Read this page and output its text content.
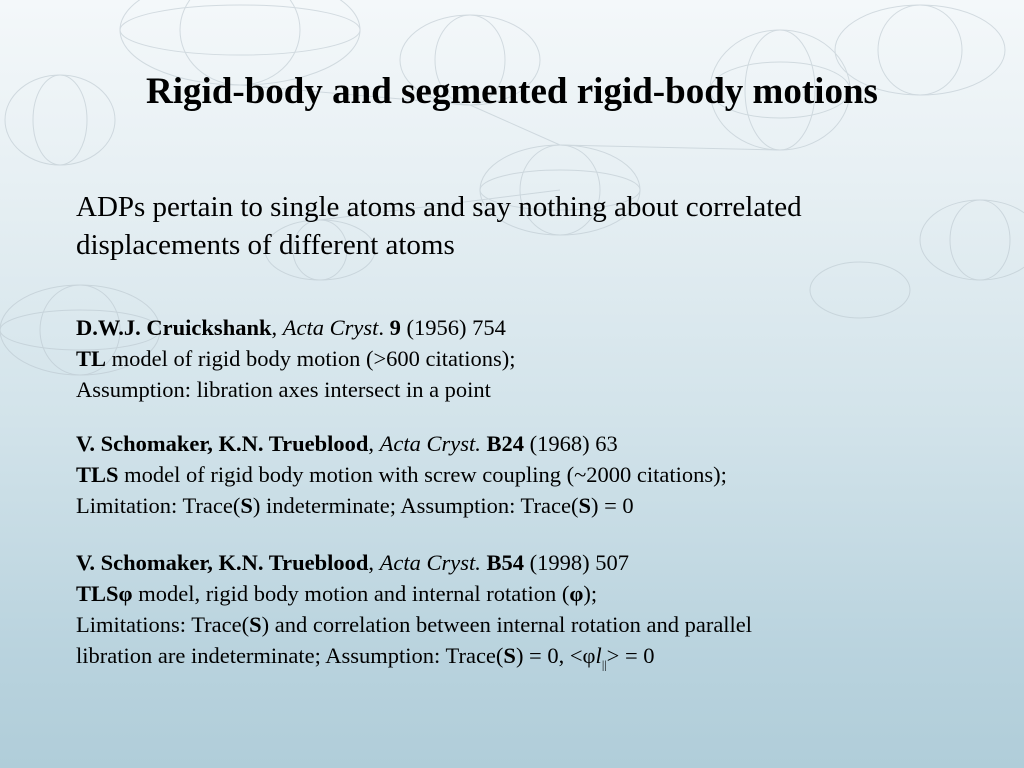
Rigid-body and segmented rigid-body motions

ADPs pertain to single atoms and say nothing about correlated
displacements of different atoms

D.W.J. Cruickshank, Acta Cryst. 9 (1956) 754
TL model of rigid body motion (>600 citations);
Assumption: libration axes intersect in a point
V. Schomaker, K.N. Trueblood, Acta Cryst. B24 (1968) 63
TLS model of rigid body motion with screw coupling (~2000 citations);
Limitation: Trace(S) indeterminate; Assumption: Trace(S) = 0
V. Schomaker, K.N. Trueblood, Acta Cryst. B54 (1998) 507
TLSφ model, rigid body motion and internal rotation (φ);
Limitations: Trace(S) and correlation between internal rotation and parallel
libration are indeterminate; Assumption: Trace(S) = 0, $<\varphi l_{||}> = 0$
